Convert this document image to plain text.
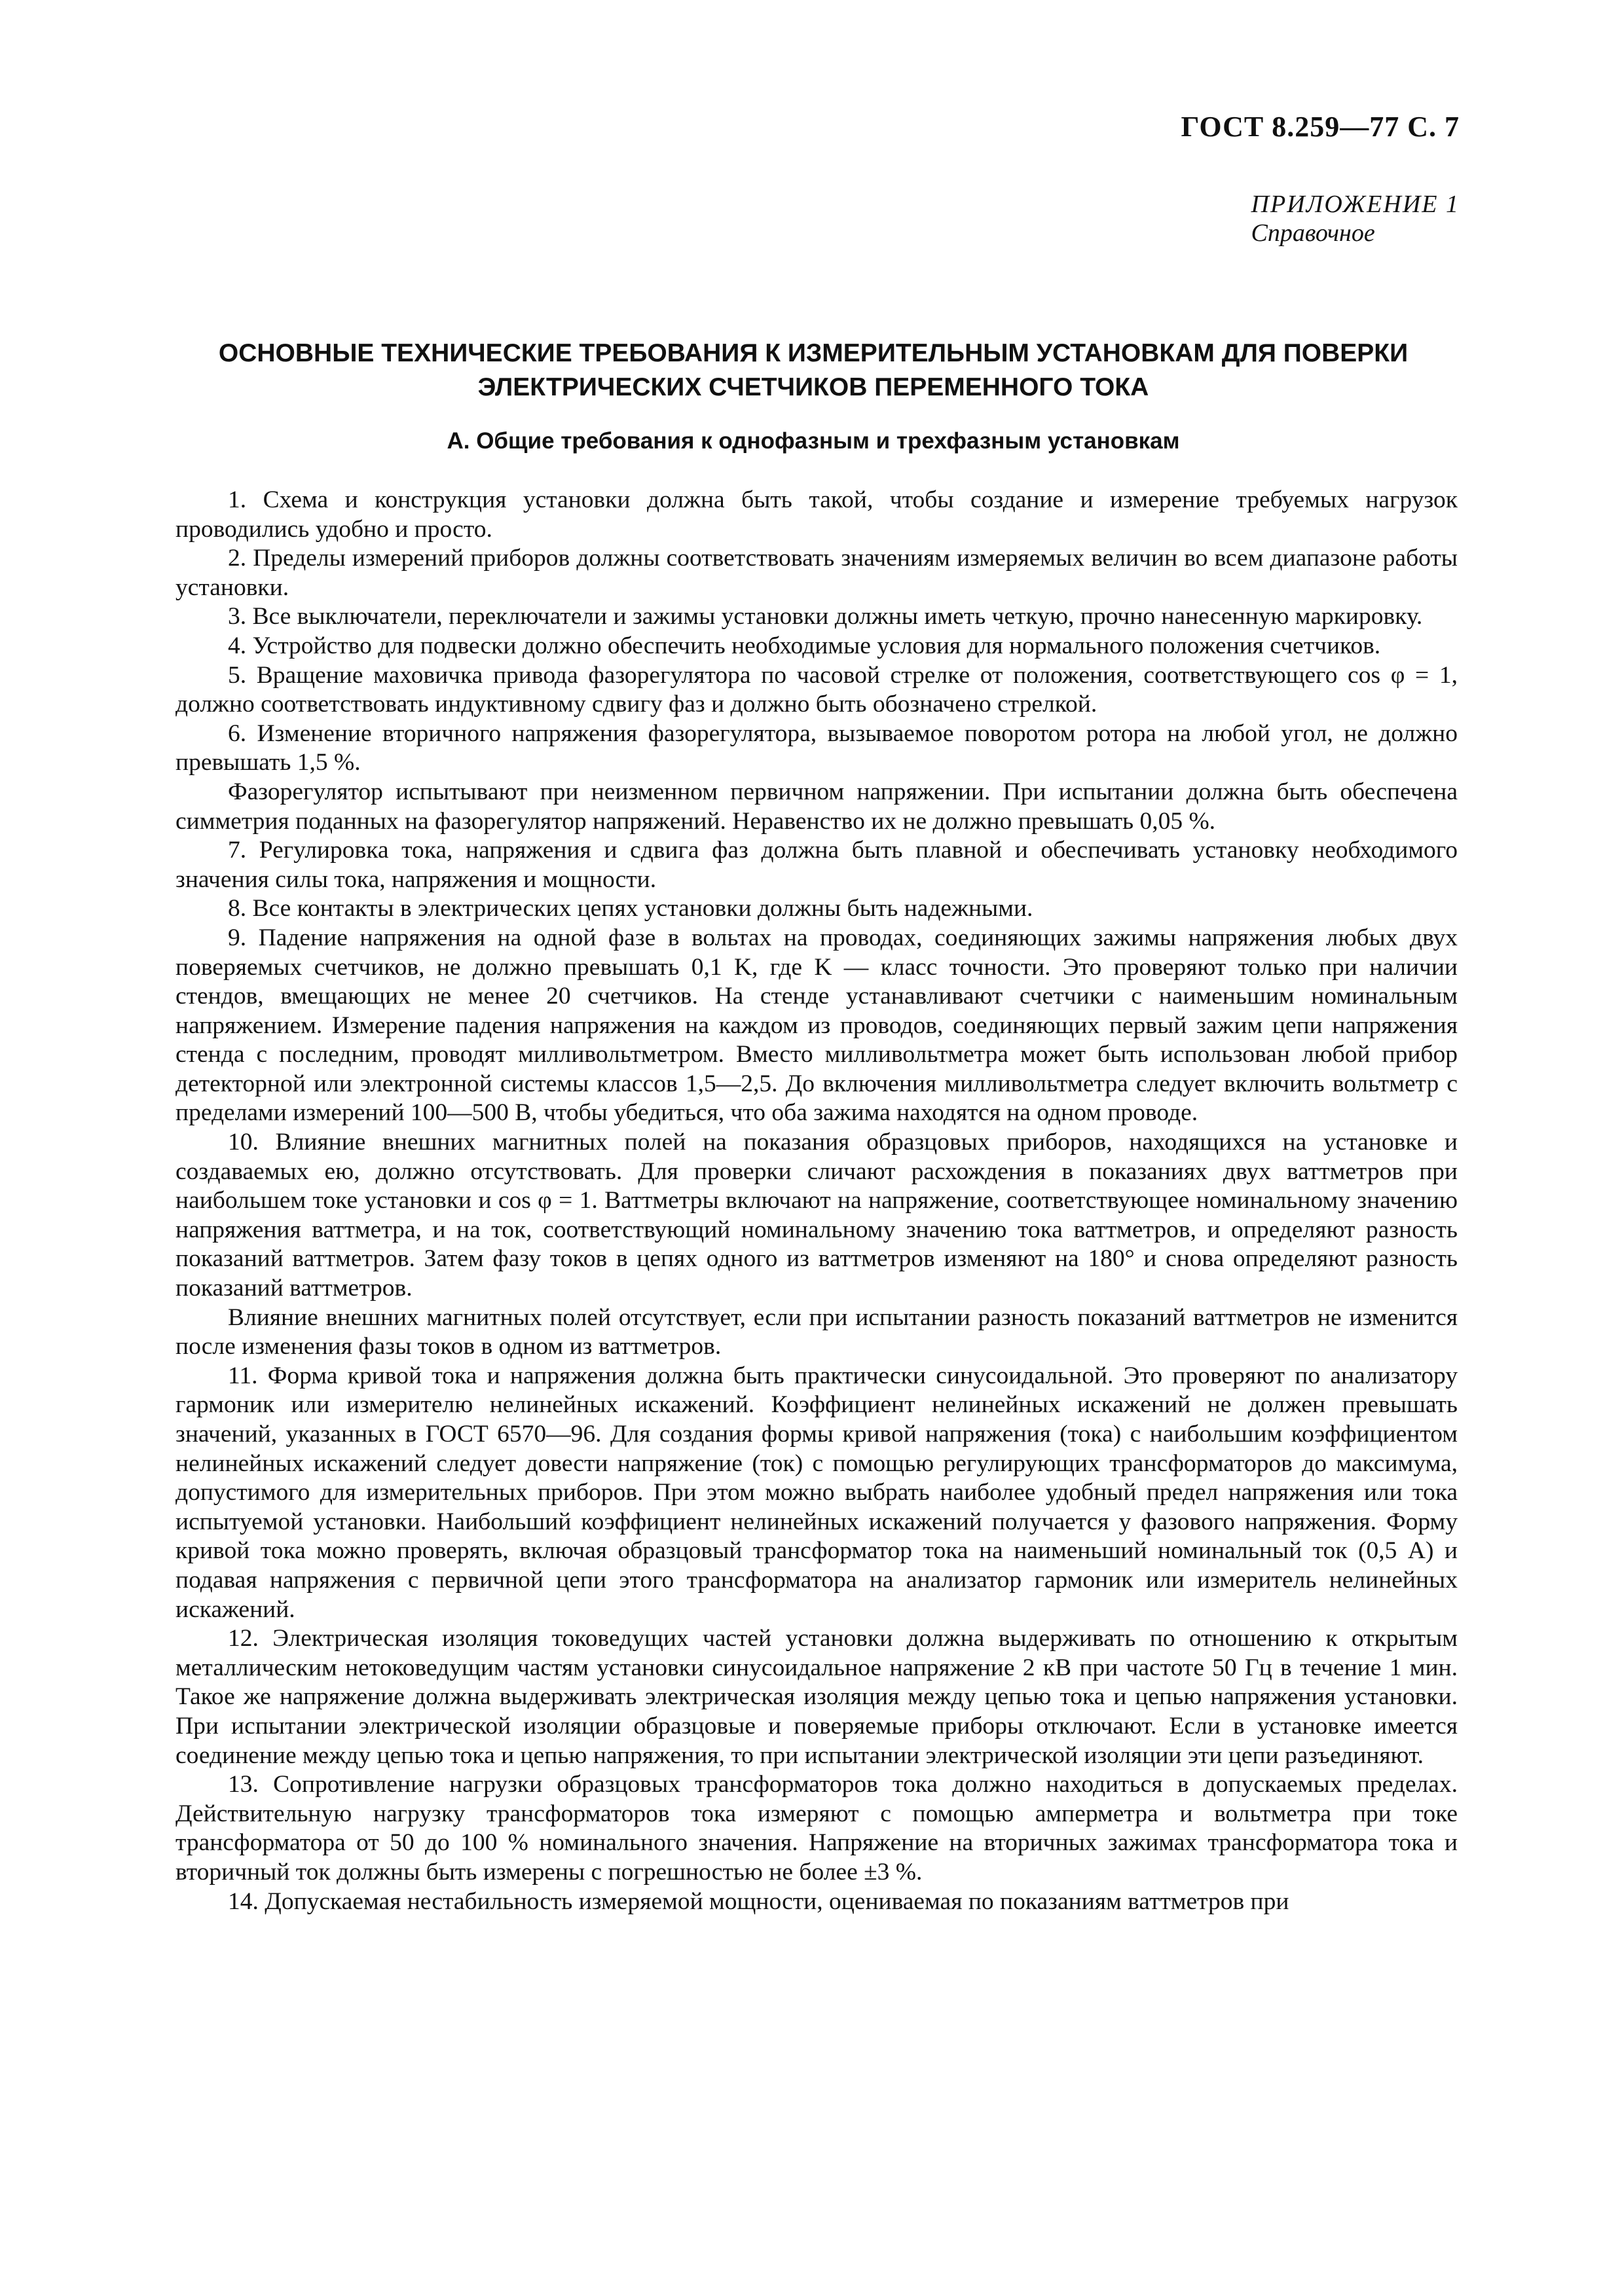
ГОСТ 8.259—77 С. 7
ПРИЛОЖЕНИЕ 1
Справочное
ОСНОВНЫЕ ТЕХНИЧЕСКИЕ ТРЕБОВАНИЯ К ИЗМЕРИТЕЛЬНЫМ УСТАНОВКАМ ДЛЯ ПОВЕРКИ ЭЛЕКТРИЧЕСКИХ СЧЕТЧИКОВ ПЕРЕМЕННОГО ТОКА
А. Общие требования к однофазным и трехфазным установкам

1. Схема и конструкция установки должна быть такой, чтобы создание и измерение требуемых нагрузок проводились удобно и просто.

2. Пределы измерений приборов должны соответствовать значениям измеряемых величин во всем диапазоне работы установки.

3. Все выключатели, переключатели и зажимы установки должны иметь четкую, прочно нанесенную маркировку.

4. Устройство для подвески должно обеспечить необходимые условия для нормального положения счетчиков.

5. Вращение маховичка привода фазорегулятора по часовой стрелке от положения, соответствующего cos φ = 1, должно соответствовать индуктивному сдвигу фаз и должно быть обозначено стрелкой.

6. Изменение вторичного напряжения фазорегулятора, вызываемое поворотом ротора на любой угол, не должно превышать 1,5 %.

Фазорегулятор испытывают при неизменном первичном напряжении. При испытании должна быть обеспечена симметрия поданных на фазорегулятор напряжений. Неравенство их не должно превышать 0,05 %.

7. Регулировка тока, напряжения и сдвига фаз должна быть плавной и обеспечивать установку необходимого значения силы тока, напряжения и мощности.

8. Все контакты в электрических цепях установки должны быть надежными.

9. Падение напряжения на одной фазе в вольтах на проводах, соединяющих зажимы напряжения любых двух поверяемых счетчиков, не должно превышать 0,1 K, где K — класс точности. Это проверяют только при наличии стендов, вмещающих не менее 20 счетчиков. На стенде устанавливают счетчики с наименьшим номинальным напряжением. Измерение падения напряжения на каждом из проводов, соединяющих первый зажим цепи напряжения стенда с последним, проводят милливольтметром. Вместо милливольтметра может быть использован любой прибор детекторной или электронной системы классов 1,5—2,5. До включения милливольтметра следует включить вольтметр с пределами измерений 100—500 В, чтобы убедиться, что оба зажима находятся на одном проводе.

10. Влияние внешних магнитных полей на показания образцовых приборов, находящихся на установке и создаваемых ею, должно отсутствовать. Для проверки сличают расхождения в показаниях двух ваттметров при наибольшем токе установки и cos φ = 1. Ваттметры включают на напряжение, соответствующее номинальному значению напряжения ваттметра, и на ток, соответствующий номинальному значению тока ваттметров, и определяют разность показаний ваттметров. Затем фазу токов в цепях одного из ваттметров изменяют на 180° и снова определяют разность показаний ваттметров.

Влияние внешних магнитных полей отсутствует, если при испытании разность показаний ваттметров не изменится после изменения фазы токов в одном из ваттметров.

11. Форма кривой тока и напряжения должна быть практически синусоидальной. Это проверяют по анализатору гармоник или измерителю нелинейных искажений. Коэффициент нелинейных искажений не должен превышать значений, указанных в ГОСТ 6570—96. Для создания формы кривой напряжения (тока) с наибольшим коэффициентом нелинейных искажений следует довести напряжение (ток) с помощью регулирующих трансформаторов до максимума, допустимого для измерительных приборов. При этом можно выбрать наиболее удобный предел напряжения или тока испытуемой установки. Наибольший коэффициент нелинейных искажений получается у фазового напряжения. Форму кривой тока можно проверять, включая образцовый трансформатор тока на наименьший номинальный ток (0,5 А) и подавая напряжения с первичной цепи этого трансформатора на анализатор гармоник или измеритель нелинейных искажений.

12. Электрическая изоляция токоведущих частей установки должна выдерживать по отношению к открытым металлическим нетоковедущим частям установки синусоидальное напряжение 2 кВ при частоте 50 Гц в течение 1 мин. Такое же напряжение должна выдерживать электрическая изоляция между цепью тока и цепью напряжения установки. При испытании электрической изоляции образцовые и поверяемые приборы отключают. Если в установке имеется соединение между цепью тока и цепью напряжения, то при испытании электрической изоляции эти цепи разъединяют.

13. Сопротивление нагрузки образцовых трансформаторов тока должно находиться в допускаемых пределах. Действительную нагрузку трансформаторов тока измеряют с помощью амперметра и вольтметра при токе трансформатора от 50 до 100 % номинального значения. Напряжение на вторичных зажимах трансформатора тока и вторичный ток должны быть измерены с погрешностью не более ±3 %.

14. Допускаемая нестабильность измеряемой мощности, оцениваемая по показаниям ваттметров при
